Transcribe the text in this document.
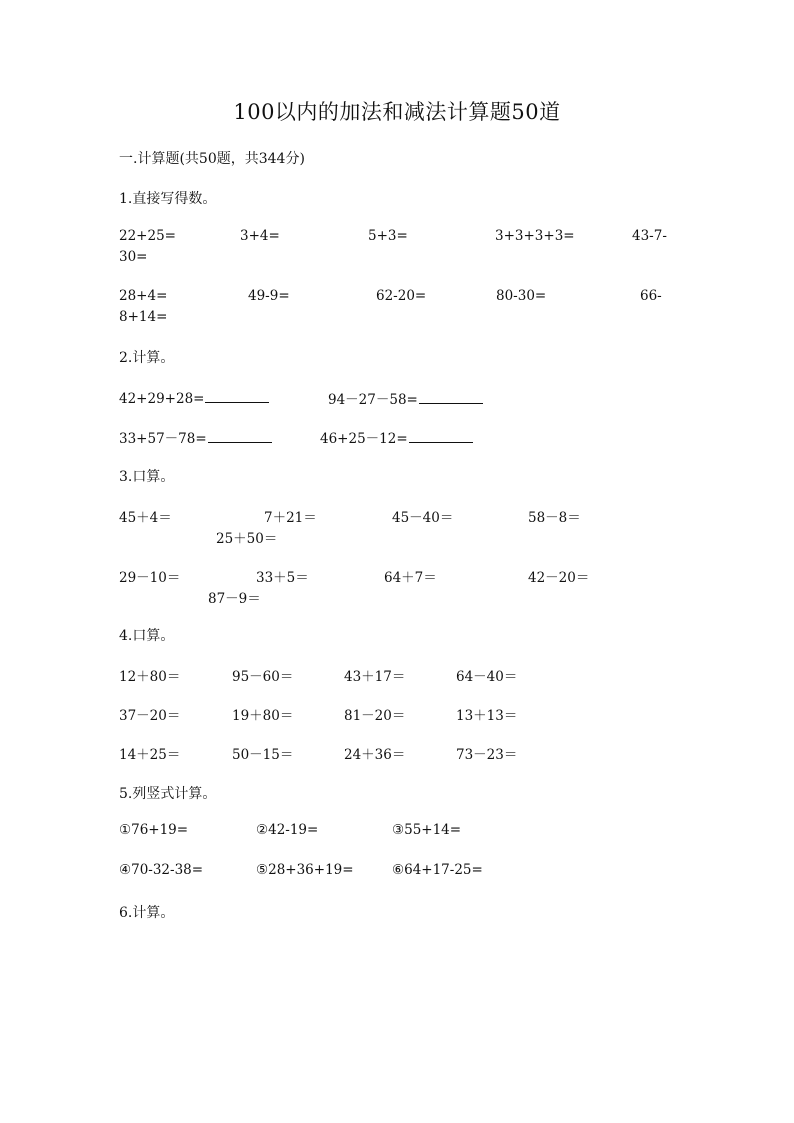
100以内的加法和减法计算题50道
一.计算题(共50题，共344分)
1.直接写得数。
22+25=	3+4=	5+3=	3+3+3+3=	43-7-
30=
28+4=	49-9=	62-20=	80-30=	66-
8+14=
2.计算。
42+29+28=	94－27－58=
33+57－78=	46+25－12=
3.口算。
45＋4＝	7＋21＝	45－40＝	58－8＝
25＋50＝
29－10＝	33＋5＝	64＋7＝	42－20＝
87－9＝
4.口算。
12＋80＝	95－60＝	43＋17＝	64－40＝
37－20＝	19＋80＝	81－20＝	13＋13＝
14＋25＝	50－15＝	24＋36＝	73－23＝
5.列竖式计算。
①76+19=	②42-19=	③55+14=
④70-32-38=	⑤28+36+19=	⑥64+17-25=
6.计算。
